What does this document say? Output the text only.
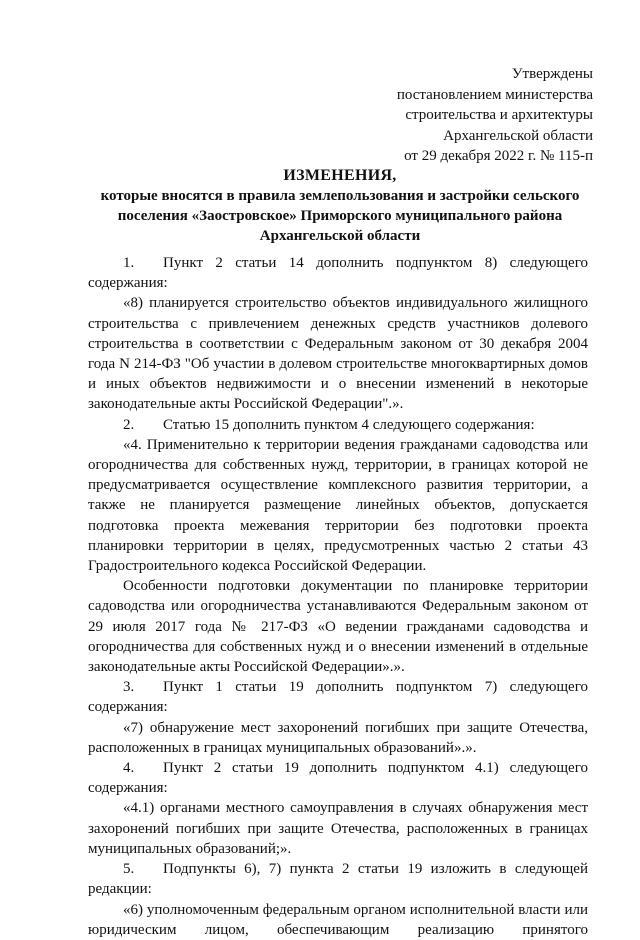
Утверждены
постановлением министерства
строительства и архитектуры
Архангельской области
от 29 декабря 2022 г. № 115-п
ИЗМЕНЕНИЯ,
которые вносятся в правила землепользования и застройки сельского поселения «Заостровское» Приморского муниципального района Архангельской области

1. Пункт 2 статьи 14 дополнить подпунктом 8) следующего

содержания:

«8) планируется строительство объектов индивидуального жилищного строительства с привлечением денежных средств участников долевого строительства в соответствии с Федеральным законом от 30 декабря 2004 года N 214-ФЗ "Об участии в долевом строительстве многоквартирных домов и иных объектов недвижимости и о внесении изменений в некоторые законодательные акты Российской Федерации".».

2. Статью 15 дополнить пунктом 4 следующего содержания:

«4. Применительно к территории ведения гражданами садоводства или огородничества для собственных нужд, территории, в границах которой не предусматривается осуществление комплексного развития территории, а также не планируется размещение линейных объектов, допускается подготовка проекта межевания территории без подготовки проекта планировки территории в целях, предусмотренных частью 2 статьи 43 Градостроительного кодекса Российской Федерации.

Особенности подготовки документации по планировке территории садоводства или огородничества устанавливаются Федеральным законом от 29 июля 2017 года № 217-ФЗ «О ведении гражданами садоводства и огородничества для собственных нужд и о внесении изменений в отдельные законодательные акты Российской Федерации».».

3. Пункт 1 статьи 19 дополнить подпунктом 7) следующего

содержания:

«7) обнаружение мест захоронений погибших при защите Отечества, расположенных в границах муниципальных образований».».

4. Пункт 2 статьи 19 дополнить подпунктом 4.1) следующего

содержания:

«4.1) органами местного самоуправления в случаях обнаружения мест захоронений погибших при защите Отечества, расположенных в границах муниципальных образований;».

5. Подпункты 6), 7) пункта 2 статьи 19 изложить в следующей

редакции:

«6) уполномоченным федеральным органом исполнительной власти или юридическим лицом, обеспечивающим реализацию принятого
